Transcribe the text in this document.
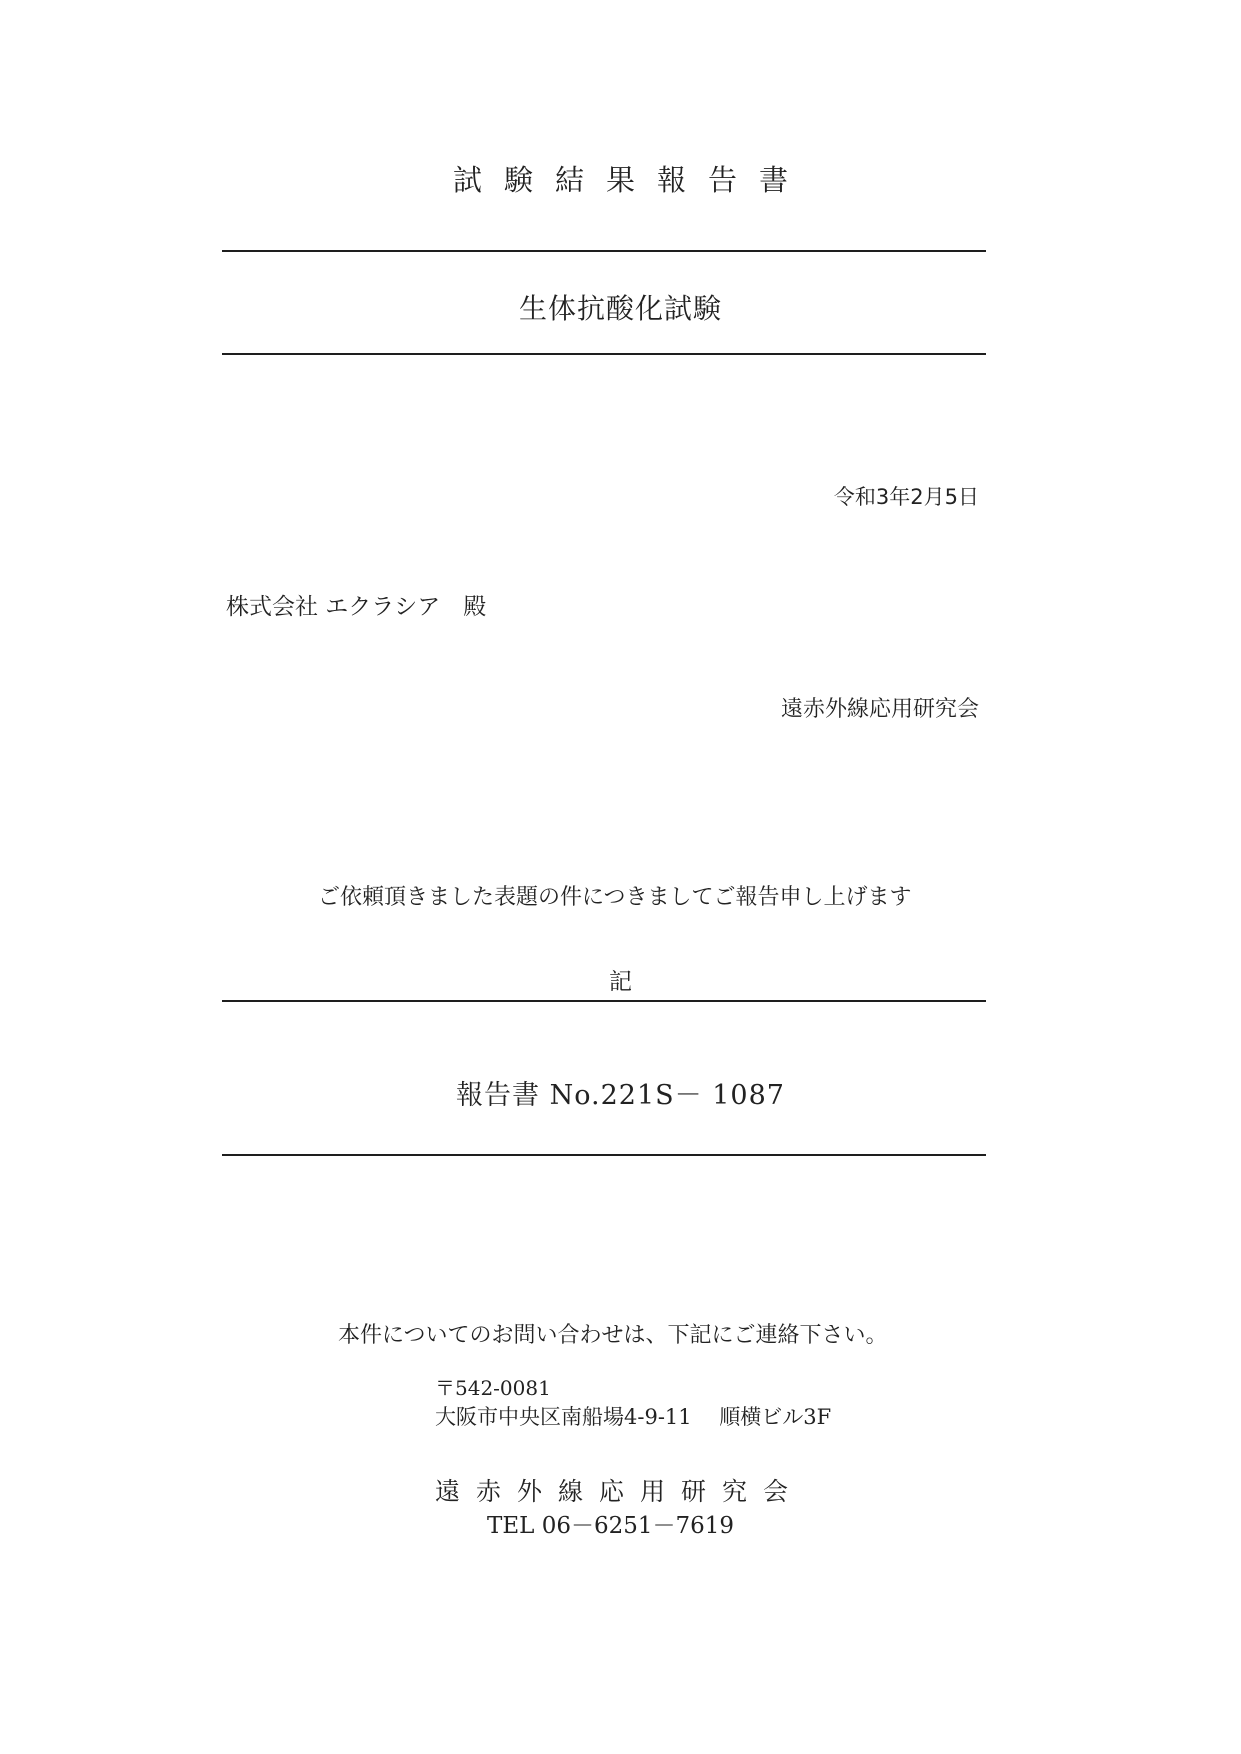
試験結果報告書
生体抗酸化試験
令和3年2月5日
株式会社 エクラシア　殿
遠赤外線応用研究会
ご依頼頂きました表題の件につきましてご報告申し上げます
記
報告書 No.221S－ 1087
本件についてのお問い合わせは、下記にご連絡下さい。
〒542-0081
大阪市中央区南船場4-9-11　 順横ビル3F
遠赤外線応用研究会
TEL 06－6251－7619
